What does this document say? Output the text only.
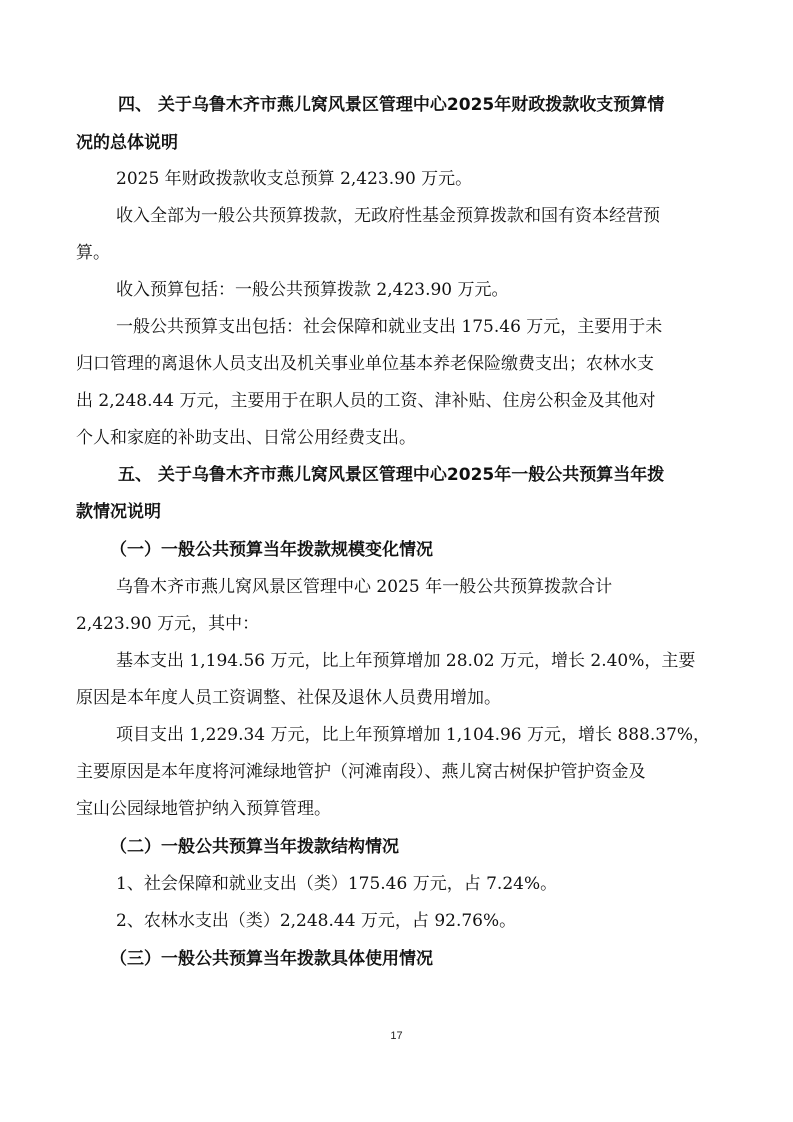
四、 关于乌鲁木齐市燕儿窝风景区管理中心2025年财政拨款收支预算情
况的总体说明
2025 年财政拨款收支总预算 2,423.90 万元。
收入全部为一般公共预算拨款，无政府性基金预算拨款和国有资本经营预
算。
收入预算包括：一般公共预算拨款 2,423.90 万元。
一般公共预算支出包括：社会保障和就业支出 175.46 万元，主要用于未
归口管理的离退休人员支出及机关事业单位基本养老保险缴费支出；农林水支
出 2,248.44 万元，主要用于在职人员的工资、津补贴、住房公积金及其他对
个人和家庭的补助支出、日常公用经费支出。
五、 关于乌鲁木齐市燕儿窝风景区管理中心2025年一般公共预算当年拨
款情况说明
（一）一般公共预算当年拨款规模变化情况
乌鲁木齐市燕儿窝风景区管理中心 2025 年一般公共预算拨款合计
2,423.90 万元，其中：
基本支出 1,194.56 万元，比上年预算增加 28.02 万元，增长 2.40%，主要
原因是本年度人员工资调整、社保及退休人员费用增加。
项目支出 1,229.34 万元，比上年预算增加 1,104.96 万元，增长 888.37%，
主要原因是本年度将河滩绿地管护（河滩南段）、燕儿窝古树保护管护资金及
宝山公园绿地管护纳入预算管理。
（二）一般公共预算当年拨款结构情况
1、社会保障和就业支出（类）175.46 万元，占 7.24%。
2、农林水支出（类）2,248.44 万元，占 92.76%。
（三）一般公共预算当年拨款具体使用情况
17
